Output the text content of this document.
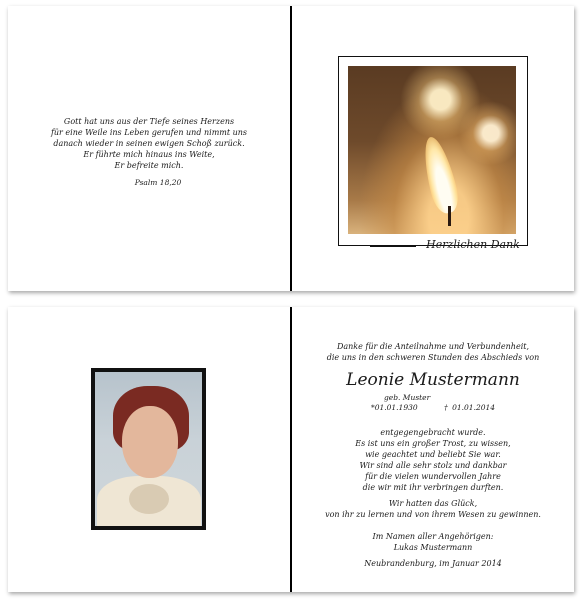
Gott hat uns aus der Tiefe seines Herzens
für eine Weile ins Leben gerufen und nimmt uns
danach wieder in seinen ewigen Schoß zurück.
Er führte mich hinaus ins Weite,
Er befreite mich.
Psalm 18,20
Herzlichen Dank
Danke für die Anteilnahme und Verbundenheit,
die uns in den schweren Stunden des Abschieds von
Leonie Mustermann
geb. Muster
*01.01.1930	† 01.01.2014
entgegengebracht wurde.
Es ist uns ein großer Trost, zu wissen,
wie geachtet und beliebt Sie war.
Wir sind alle sehr stolz und dankbar
für die vielen wundervollen Jahre
die wir mit ihr verbringen durften.
Wir hatten das Glück,
von ihr zu lernen und von ihrem Wesen zu gewinnen.
Im Namen aller Angehörigen:
Lukas Mustermann
Neubrandenburg, im Januar 2014
